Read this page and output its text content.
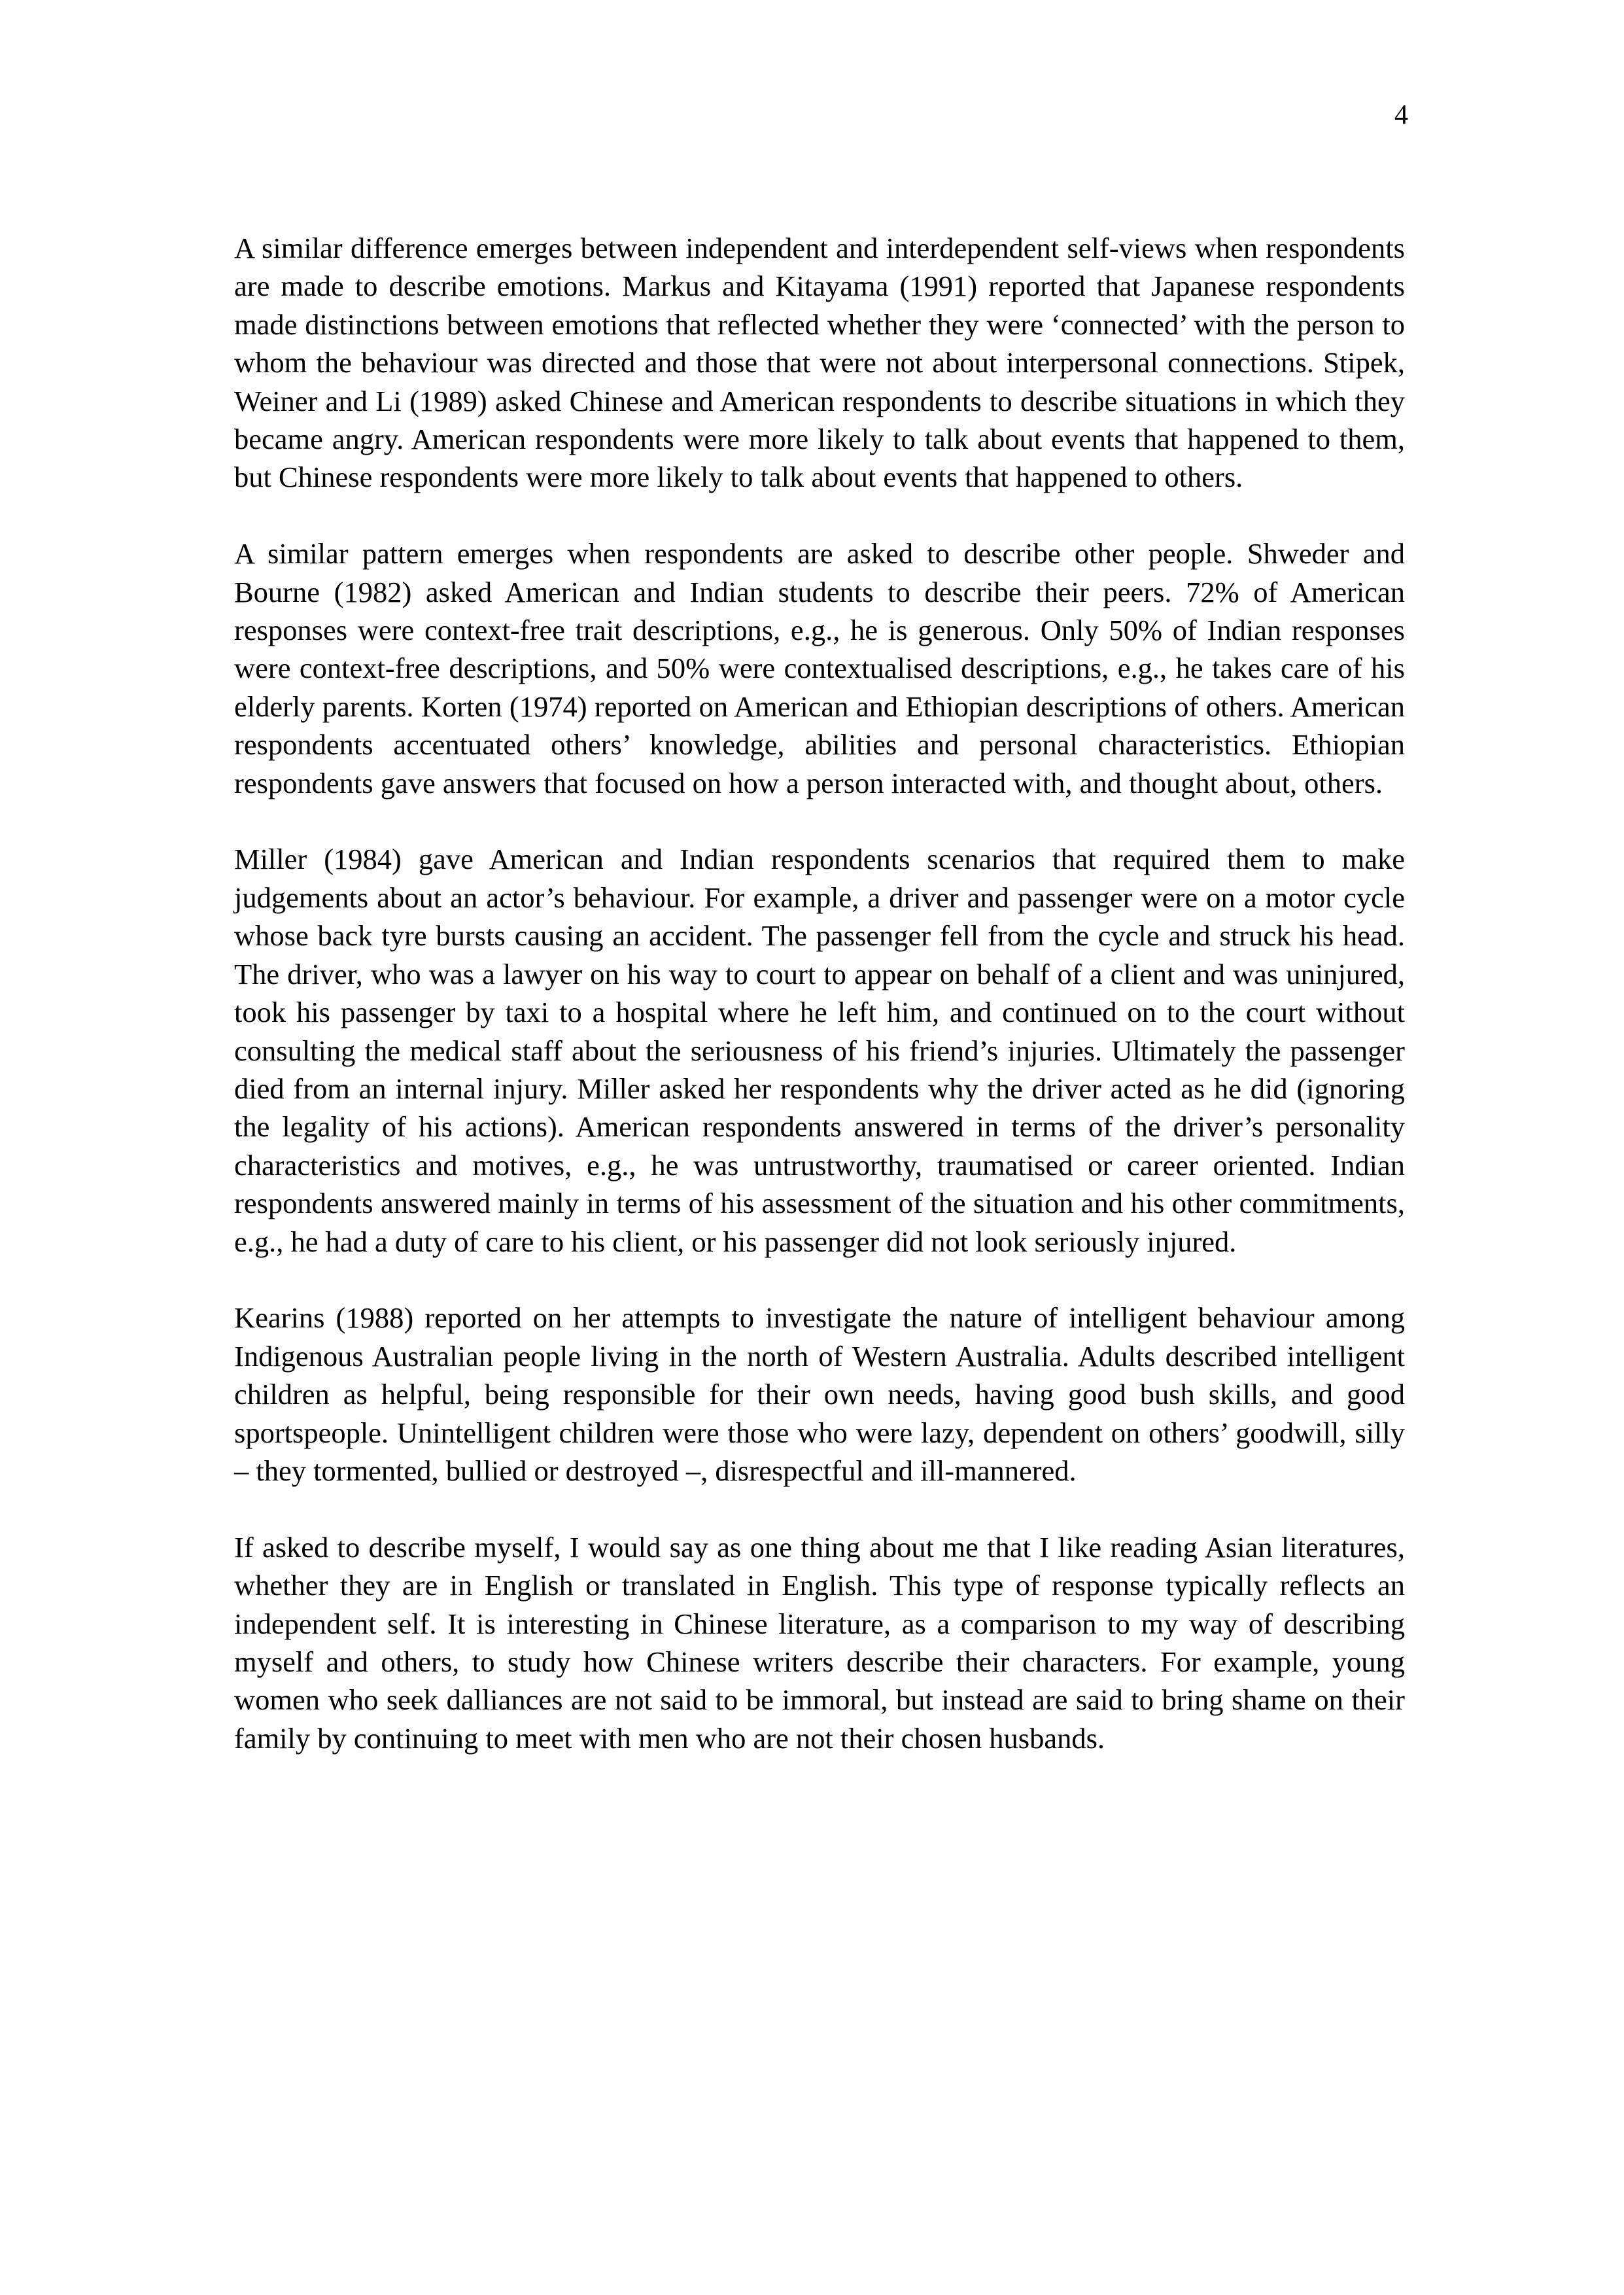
4

A similar difference emerges between independent and interdependent self-views when respondents are made to describe emotions. Markus and Kitayama (1991) reported that Japanese respondents made distinctions between emotions that reflected whether they were ‘connected’ with the person to whom the behaviour was directed and those that were not about interpersonal connections. Stipek, Weiner and Li (1989) asked Chinese and American respondents to describe situations in which they became angry. American respondents were more likely to talk about events that happened to them, but Chinese respondents were more likely to talk about events that happened to others.

A similar pattern emerges when respondents are asked to describe other people. Shweder and Bourne (1982) asked American and Indian students to describe their peers. 72% of American responses were context-free trait descriptions, e.g., he is generous. Only 50% of Indian responses were context-free descriptions, and 50% were contextualised descriptions, e.g., he takes care of his elderly parents. Korten (1974) reported on American and Ethiopian descriptions of others. American respondents accentuated others’ knowledge, abilities and personal characteristics. Ethiopian respondents gave answers that focused on how a person interacted with, and thought about, others.

Miller (1984) gave American and Indian respondents scenarios that required them to make judgements about an actor’s behaviour. For example, a driver and passenger were on a motor cycle whose back tyre bursts causing an accident. The passenger fell from the cycle and struck his head. The driver, who was a lawyer on his way to court to appear on behalf of a client and was uninjured, took his passenger by taxi to a hospital where he left him, and continued on to the court without consulting the medical staff about the seriousness of his friend’s injuries. Ultimately the passenger died from an internal injury. Miller asked her respondents why the driver acted as he did (ignoring the legality of his actions). American respondents answered in terms of the driver’s personality characteristics and motives, e.g., he was untrustworthy, traumatised or career oriented. Indian respondents answered mainly in terms of his assessment of the situation and his other commitments, e.g., he had a duty of care to his client, or his passenger did not look seriously injured.

Kearins (1988) reported on her attempts to investigate the nature of intelligent behaviour among Indigenous Australian people living in the north of Western Australia. Adults described intelligent children as helpful, being responsible for their own needs, having good bush skills, and good sportspeople. Unintelligent children were those who were lazy, dependent on others’ goodwill, silly – they tormented, bullied or destroyed –, disrespectful and ill-mannered.

If asked to describe myself, I would say as one thing about me that I like reading Asian literatures, whether they are in English or translated in English. This type of response typically reflects an independent self. It is interesting in Chinese literature, as a comparison to my way of describing myself and others, to study how Chinese writers describe their characters. For example, young women who seek dalliances are not said to be immoral, but instead are said to bring shame on their family by continuing to meet with men who are not their chosen husbands.
